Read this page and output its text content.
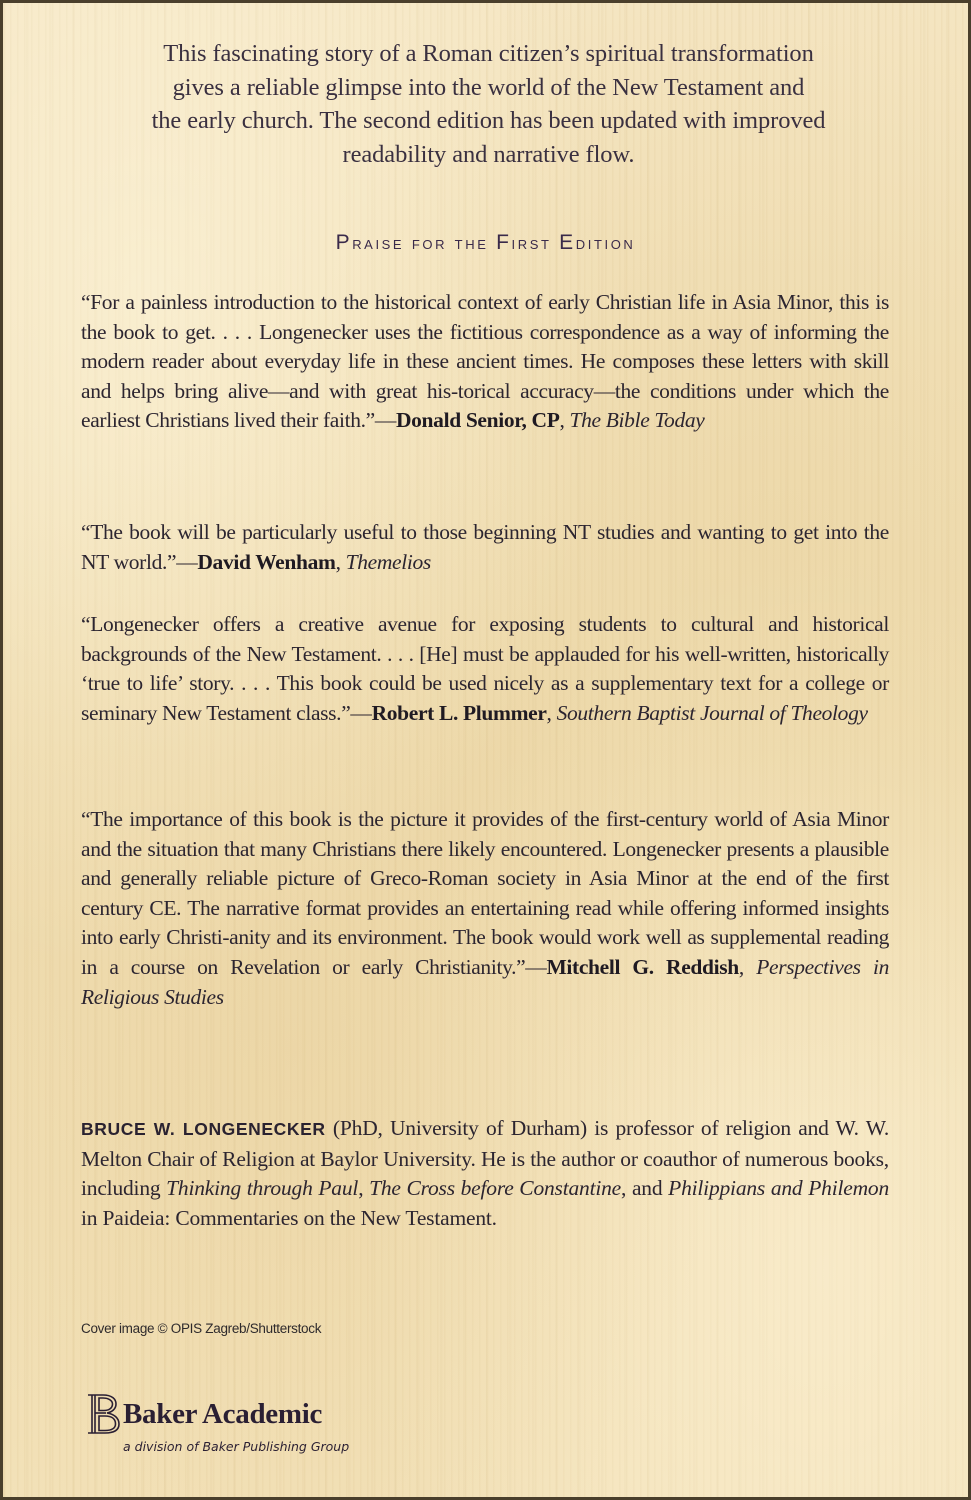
This fascinating story of a Roman citizen’s spiritual transformation
gives a reliable glimpse into the world of the New Testament and
the early church. The second edition has been updated with improved
readability and narrative flow.
Praise for the First Edition
“For a painless introduction to the historical context of early Christian life in Asia Minor, this is the book to get. . . . Longenecker uses the fictitious correspondence as a way of informing the modern reader about everyday life in these ancient times. He composes these letters with skill and helps bring alive—and with great his-torical accuracy—the conditions under which the earliest Christians lived their faith.”—Donald Senior, CP, The Bible Today
“The book will be particularly useful to those beginning NT studies and wanting to get into the NT world.”—David Wenham, Themelios
“Longenecker offers a creative avenue for exposing students to cultural and historical backgrounds of the New Testament. . . . [He] must be applauded for his well-written, historically ‘true to life’ story. . . . This book could be used nicely as a supplementary text for a college or seminary New Testament class.”—Robert L. Plummer, Southern Baptist Journal of Theology
“The importance of this book is the picture it provides of the first-century world of Asia Minor and the situation that many Christians there likely encountered. Longenecker presents a plausible and generally reliable picture of Greco-Roman society in Asia Minor at the end of the first century CE. The narrative format provides an entertaining read while offering informed insights into early Christi-anity and its environment. The book would work well as supplemental reading in a course on Revelation or early Christianity.”—Mitchell G. Reddish, Perspectives in Religious Studies
BRUCE W. LONGENECKER (PhD, University of Durham) is professor of religion and W. W. Melton Chair of Religion at Baylor University. He is the author or coauthor of numerous books, including Thinking through Paul, The Cross before Constantine, and Philippians and Philemon in Paideia: Commentaries on the New Testament.
Cover image © OPIS Zagreb/Shutterstock
Baker Academic
a division of Baker Publishing Group
